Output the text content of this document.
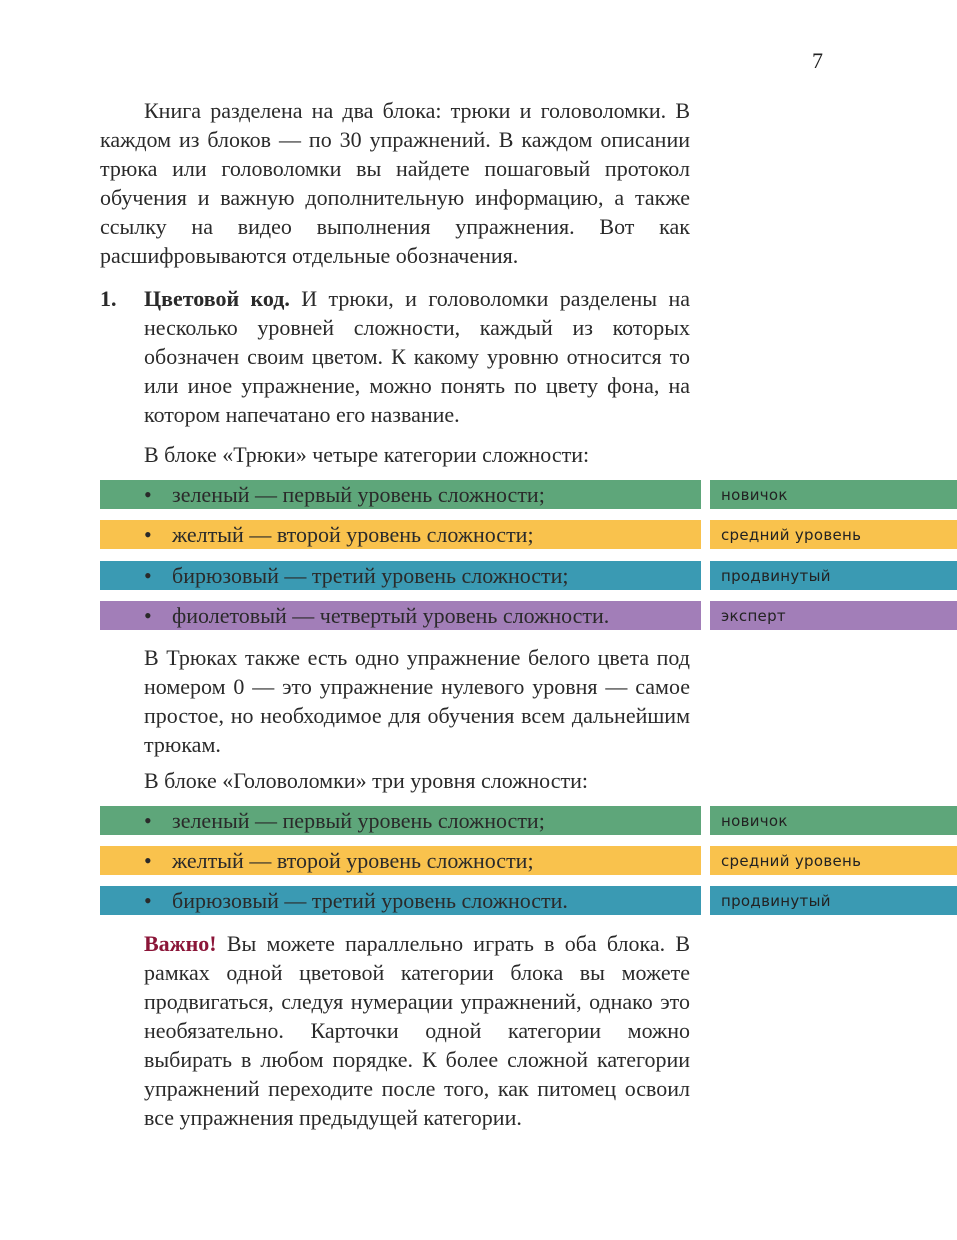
7

Книга разделена на два блока: трюки и головоломки. В каждом из блоков — по 30 упражнений. В каждом описании трюка или головоломки вы найдете пошаговый протокол обучения и важную дополнительную информацию, а также ссылку на видео выполнения упражнения. Вот как расшифровываются отдельные обозначения.

1. Цветовой код. И трюки, и головоломки разделены на несколько уровней сложности, каждый из которых обозначен своим цветом. К какому уровню относится то или иное упражнение, можно понять по цвету фона, на котором напечатано его название.

В блоке «Трюки» четыре категории сложности:

• зеленый — первый уровень сложности;	новичок
• желтый — второй уровень сложности;	средний уровень
• бирюзовый — третий уровень сложности;	продвинутый
• фиолетовый — четвертый уровень сложности.	эксперт

В Трюках также есть одно упражнение белого цвета под номером 0 — это упражнение нулевого уровня — самое простое, но необходимое для обучения всем дальнейшим трюкам.

В блоке «Головоломки» три уровня сложности:

• зеленый — первый уровень сложности;	новичок
• желтый — второй уровень сложности;	средний уровень
• бирюзовый — третий уровень сложности.	продвинутый

Важно! Вы можете параллельно играть в оба блока. В рамках одной цветовой категории блока вы можете продвигаться, следуя нумерации упражнений, однако это необязательно. Карточки одной категории можно выбирать в любом порядке. К более сложной категории упражнений переходите после того, как питомец освоил все упражнения предыдущей категории.
